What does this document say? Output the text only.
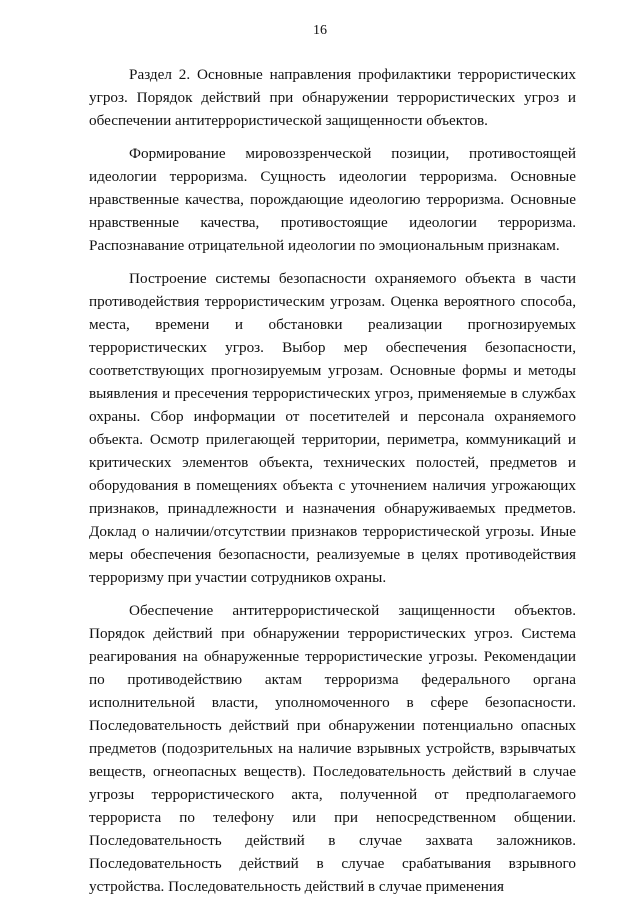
16

Раздел 2. Основные направления профилактики террористических угроз. Порядок действий при обнаружении террористических угроз и обеспечении антитеррористической защищенности объектов.

Формирование мировоззренческой позиции, противостоящей идеологии терроризма. Сущность идеологии терроризма. Основные нравственные качества, порождающие идеологию терроризма. Основные нравственные качества, противостоящие идеологии терроризма. Распознавание отрицательной идеологии по эмоциональным признакам.

Построение системы безопасности охраняемого объекта в части противодействия террористическим угрозам. Оценка вероятного способа, места, времени и обстановки реализации прогнозируемых террористических угроз. Выбор мер обеспечения безопасности, соответствующих прогнозируемым угрозам. Основные формы и методы выявления и пресечения террористических угроз, применяемые в службах охраны. Сбор информации от посетителей и персонала охраняемого объекта. Осмотр прилегающей территории, периметра, коммуникаций и критических элементов объекта, технических полостей, предметов и оборудования в помещениях объекта с уточнением наличия угрожающих признаков, принадлежности и назначения обнаруживаемых предметов. Доклад о наличии/отсутствии признаков террористической угрозы. Иные меры обеспечения безопасности, реализуемые в целях противодействия терроризму при участии сотрудников охраны.

Обеспечение антитеррористической защищенности объектов. Порядок действий при обнаружении террористических угроз. Система реагирования на обнаруженные террористические угрозы. Рекомендации по противодействию актам терроризма федерального органа исполнительной власти, уполномоченного в сфере безопасности. Последовательность действий при обнаружении потенциально опасных предметов (подозрительных на наличие взрывных устройств, взрывчатых веществ, огнеопасных веществ). Последовательность действий в случае угрозы террористического акта, полученной от предполагаемого террориста по телефону или при непосредственном общении. Последовательность действий в случае захвата заложников. Последовательность действий в случае срабатывания взрывного устройства. Последовательность действий в случае применения
